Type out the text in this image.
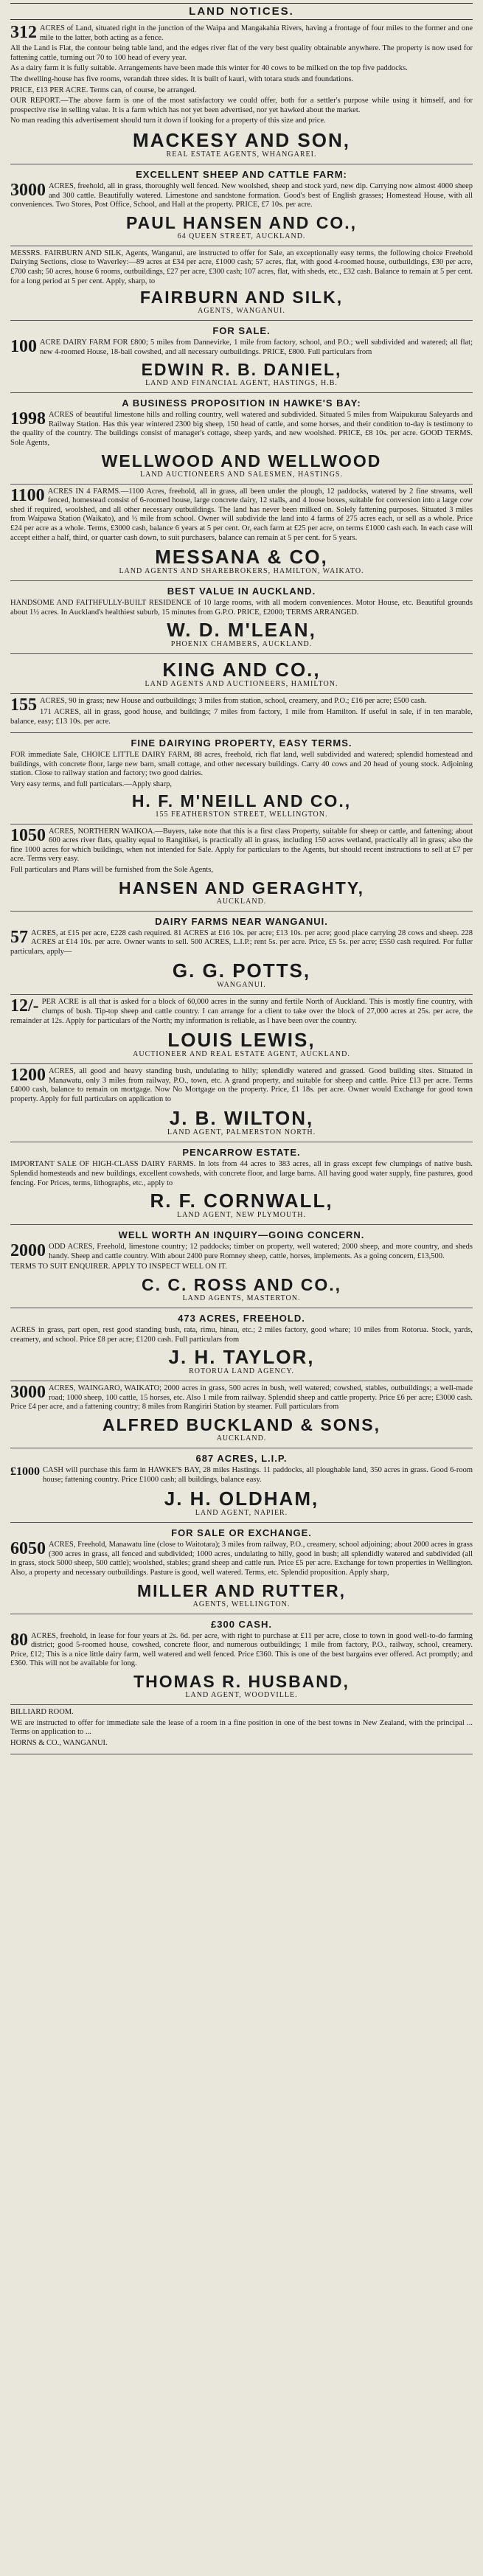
LAND NOTICES.
312 ACRES of Land, situated right in the junction of the Waipa and Mangakahia Rivers, having a frontage of four miles to the former and one mile to the latter, both acting as a fence.

All the Land is Flat, the contour being table land, and the edges river flat of the very best quality obtainable anywhere. The property is now used for fattening cattle, turning out 70 to 100 head of every year.

As a dairy farm it is fully suitable. Arrangements have been made this winter for 40 cows to be milked on the top five paddocks.

The dwelling-house has five rooms, verandah three sides. It is built of kauri, with totara studs and foundations.

PRICE, £13 PER ACRE. Terms can, of course, be arranged.

OUR REPORT.—The above farm is one of the most satisfactory we could offer, both for a settler's purpose while using it himself, and for prospective rise in selling value. It is a farm which has not yet been advertised, nor yet hawked about the market.

No man reading this advertisement should turn it down if looking for a property of this size and price.

MACKESY AND SON,
REAL ESTATE AGENTS, WHANGAREI.
EXCELLENT SHEEP AND CATTLE FARM:
3000 ACRES, freehold, all in grass, thoroughly well fenced. New woolshed, sheep and stock yard, new dip. Carrying now almost 4000 sheep and 300 cattle. Beautifully watered. Limestone and sandstone formation. Good's best of English grasses; Homestead House, with all conveniences. Two Stores, Post Office, School, and Hall at the property. PRICE, £7 10s. per acre.

PAUL HANSEN AND CO.,
64 QUEEN STREET, AUCKLAND.

MESSRS. FAIRBURN AND SILK, Agents, Wanganui, are instructed to offer for Sale, an exceptionally easy terms, the following choice Freehold Dairying Sections, close to Waverley:—89 acres at £34 per acre, £1000 cash; 57 acres, flat, with good 4-roomed house, outbuildings, £30 per acre, £700 cash; 50 acres, house 6 rooms, outbuildings, £27 per acre, £300 cash; 107 acres, flat, with sheds, etc., £32 cash. Balance to remain at 5 per cent. for a long period at 5 per cent. Apply, sharp, to

FAIRBURN AND SILK,
AGENTS, WANGANUI.
FOR SALE.
100 ACRE DAIRY FARM FOR £800; 5 miles from Dannevirke, 1 mile from factory, school, and P.O.; well subdivided and watered; all flat; new 4-roomed House, 18-bail cowshed, and all necessary outbuildings. PRICE, £800. Full particulars from

EDWIN R. B. DANIEL,
LAND AND FINANCIAL AGENT, HASTINGS, H.B.
A BUSINESS PROPOSITION IN HAWKE'S BAY:
1998 ACRES of beautiful limestone hills and rolling country, well watered and subdivided. Situated 5 miles from Waipukurau Saleyards and Railway Station. Has this year wintered 2300 big sheep, 150 head of cattle, and some horses, and their condition to-day is testimony to the quality of the country. The buildings consist of manager's cottage, sheep yards, and new woolshed. PRICE, £8 10s. per acre. GOOD TERMS. Sole Agents,

WELLWOOD AND WELLWOOD
LAND AUCTIONEERS AND SALESMEN, HASTINGS.
1100 ACRES IN 4 FARMS.—1100 Acres, freehold, all in grass, all been under the plough, 12 paddocks, watered by 2 fine streams, well fenced, homestead consist of 6-roomed house, large concrete dairy, 12 stalls, and 4 loose boxes, suitable for conversion into a large cow shed if required, woolshed, and all other necessary outbuildings. The land has never been milked on. Solely fattening purposes. Situated 3 miles from Waipawa Station (Waikato), and ½ mile from school. Owner will subdivide the land into 4 farms of 275 acres each, or sell as a whole. Price £24 per acre as a whole. Terms, £3000 cash, balance 6 years at 5 per cent. Or, each farm at £25 per acre, on terms £1000 cash each. In each case will accept either a half, third, or quarter cash down, to suit purchasers, balance can remain at 5 per cent. for 5 years.

MESSANA & CO,
LAND AGENTS AND SHAREBROKERS, HAMILTON, WAIKATO.
BEST VALUE IN AUCKLAND.

HANDSOME AND FAITHFULLY-BUILT RESIDENCE of 10 large rooms, with all modern conveniences. Motor House, etc. Beautiful grounds about 1½ acres. In Auckland's healthiest suburb, 15 minutes from G.P.O. PRICE, £2000; TERMS ARRANGED.

W. D. M'LEAN,
PHOENIX CHAMBERS, AUCKLAND.
KING AND CO.,
LAND AGENTS AND AUCTIONEERS, HAMILTON.
155 ACRES, 90 in grass; new House and outbuildings; 3 miles from station, school, creamery, and P.O.; £16 per acre; £500 cash.

171 ACRES, all in grass, good house, and buildings; 7 miles from factory, 1 mile from Hamilton. If useful in sale, if in ten marable, balance, easy; £13 10s. per acre.

FINE DAIRYING PROPERTY, EASY TERMS.

FOR immediate Sale, CHOICE LITTLE DAIRY FARM, 88 acres, freehold, rich flat land, well subdivided and watered; splendid homestead and buildings, with concrete floor, large new barn, small cottage, and other necessary buildings. Carry 40 cows and 20 head of young stock. Adjoining station. Close to railway station and factory; two good dairies.

Very easy terms, and full particulars.—Apply sharp,

H. F. M'NEILL AND CO.,
155 FEATHERSTON STREET, WELLINGTON.
1050 ACRES, NORTHERN WAIKOA.—Buyers, take note that this is a first class Property, suitable for sheep or cattle, and fattening; about 600 acres river flats, quality equal to Rangitikei, is practically all in grass, including 150 acres wetland, practically all in grass; also the fine 1000 acres for which buildings, when not intended for Sale. Apply for particulars to the Agents, but should recent instructions to sell at £7 per acre. Terms very easy.

Full particulars and Plans will be furnished from the Sole Agents,

HANSEN AND GERAGHTY,
AUCKLAND.
DAIRY FARMS NEAR WANGANUI.
57 ACRES, at £15 per acre, £228 cash required. 81 ACRES at £16 10s. per acre; £13 10s. per acre; good place carrying 28 cows and sheep. 228 ACRES at £14 10s. per acre. Owner wants to sell. 500 ACRES, L.I.P.; rent 5s. per acre. Price, £5 5s. per acre; £550 cash required. For fuller particulars, apply—

G. G. POTTS,
WANGANUI.
12/- PER ACRE is all that is asked for a block of 60,000 acres in the sunny and fertile North of Auckland. This is mostly fine country, with clumps of bush. Tip-top sheep and cattle country. I can arrange for a client to take over the block of 27,000 acres at 25s. per acre, the remainder at 12s. Apply for particulars of the North; my information is reliable, as I have been over the country.

LOUIS LEWIS,
AUCTIONEER AND REAL ESTATE AGENT, AUCKLAND.
1200 ACRES, all good and heavy standing bush, undulating to hilly; splendidly watered and grassed. Good building sites. Situated in Manawatu, only 3 miles from railway, P.O., town, etc. A grand property, and suitable for sheep and cattle. Price £13 per acre. Terms £4000 cash, balance to remain on mortgage. Now No Mortgage on the property. Price, £1 18s. per acre. Owner would Exchange for good town property. Apply for full particulars on application to

J. B. WILTON,
LAND AGENT, PALMERSTON NORTH.
PENCARROW ESTATE.

IMPORTANT SALE OF HIGH-CLASS DAIRY FARMS. In lots from 44 acres to 383 acres, all in grass except few clumpings of native bush. Splendid homesteads and new buildings, excellent cowsheds, with concrete floor, and large barns. All having good water supply, fine pastures, good fencing. For Prices, terms, lithographs, etc., apply to

R. F. CORNWALL,
LAND AGENT, NEW PLYMOUTH.
WELL WORTH AN INQUIRY—GOING CONCERN.
2000 ODD ACRES, Freehold, limestone country; 12 paddocks; timber on property, well watered; 2000 sheep, and more country, and sheds handy. Sheep and cattle country. With about 2400 pure Romney sheep, cattle, horses, implements. As a going concern, £13,500.

TERMS TO SUIT ENQUIRER. APPLY TO INSPECT WELL ON IT.

C. C. ROSS AND CO.,
LAND AGENTS, MASTERTON.
473 ACRES, FREEHOLD.

ACRES in grass, part open, rest good standing bush, rata, rimu, hinau, etc.; 2 miles factory, good whare; 10 miles from Rotorua. Stock, yards, creamery, and school. Price £8 per acre; £1200 cash. Full particulars from

J. H. TAYLOR,
ROTORUA LAND AGENCY.
3000 ACRES, WAINGARO, WAIKATO; 2000 acres in grass, 500 acres in bush, well watered; cowshed, stables, outbuildings; a well-made road; 1000 sheep, 100 cattle, 15 horses, etc. Also 1 mile from railway. Splendid sheep and cattle property. Price £6 per acre; £3000 cash. Price £4 per acre, and a fattening country; 8 miles from Rangiriri Station by steamer. Full particulars from

ALFRED BUCKLAND & SONS,
AUCKLAND.
687 ACRES, L.I.P.
£1000 CASH will purchase this farm in HAWKE'S BAY, 28 miles Hastings. 11 paddocks, all ploughable land, 350 acres in grass. Good 6-room house; fattening country. Price £1000 cash; all buildings, balance easy.

J. H. OLDHAM,
LAND AGENT, NAPIER.
FOR SALE OR EXCHANGE.
6050 ACRES, Freehold, Manawatu line (close to Waitotara); 3 miles from railway, P.O., creamery, school adjoining; about 2000 acres in grass (300 acres in grass, all fenced and subdivided; 1000 acres, undulating to hilly, good in bush; all splendidly watered and subdivided (all in grass, stock 5000 sheep, 500 cattle); woolshed, stables; grand sheep and cattle run. Price £5 per acre. Exchange for town properties in Wellington. Also, a property and necessary outbuildings. Pasture is good, well watered. Terms, etc. Splendid proposition. Apply sharp,

MILLER AND RUTTER,
AGENTS, WELLINGTON.
£300 CASH.
80 ACRES, freehold, in lease for four years at 2s. 6d. per acre, with right to purchase at £11 per acre, close to town in good well-to-do farming district; good 5-roomed house, cowshed, concrete floor, and numerous outbuildings; 1 mile from factory, P.O., railway, school, creamery. Price, £12; This is a nice little dairy farm, well watered and well fenced. Price £360. This is one of the best bargains ever offered. Act promptly; and £360. This will not be available for long.

THOMAS R. HUSBAND,
LAND AGENT, WOODVILLE.

BILLIARD ROOM.

WE are instructed to offer for immediate sale the lease of a room in a fine position in one of the best towns in New Zealand, with the principal ... Terms on application to ...

HORNS & CO., WANGANUI.
